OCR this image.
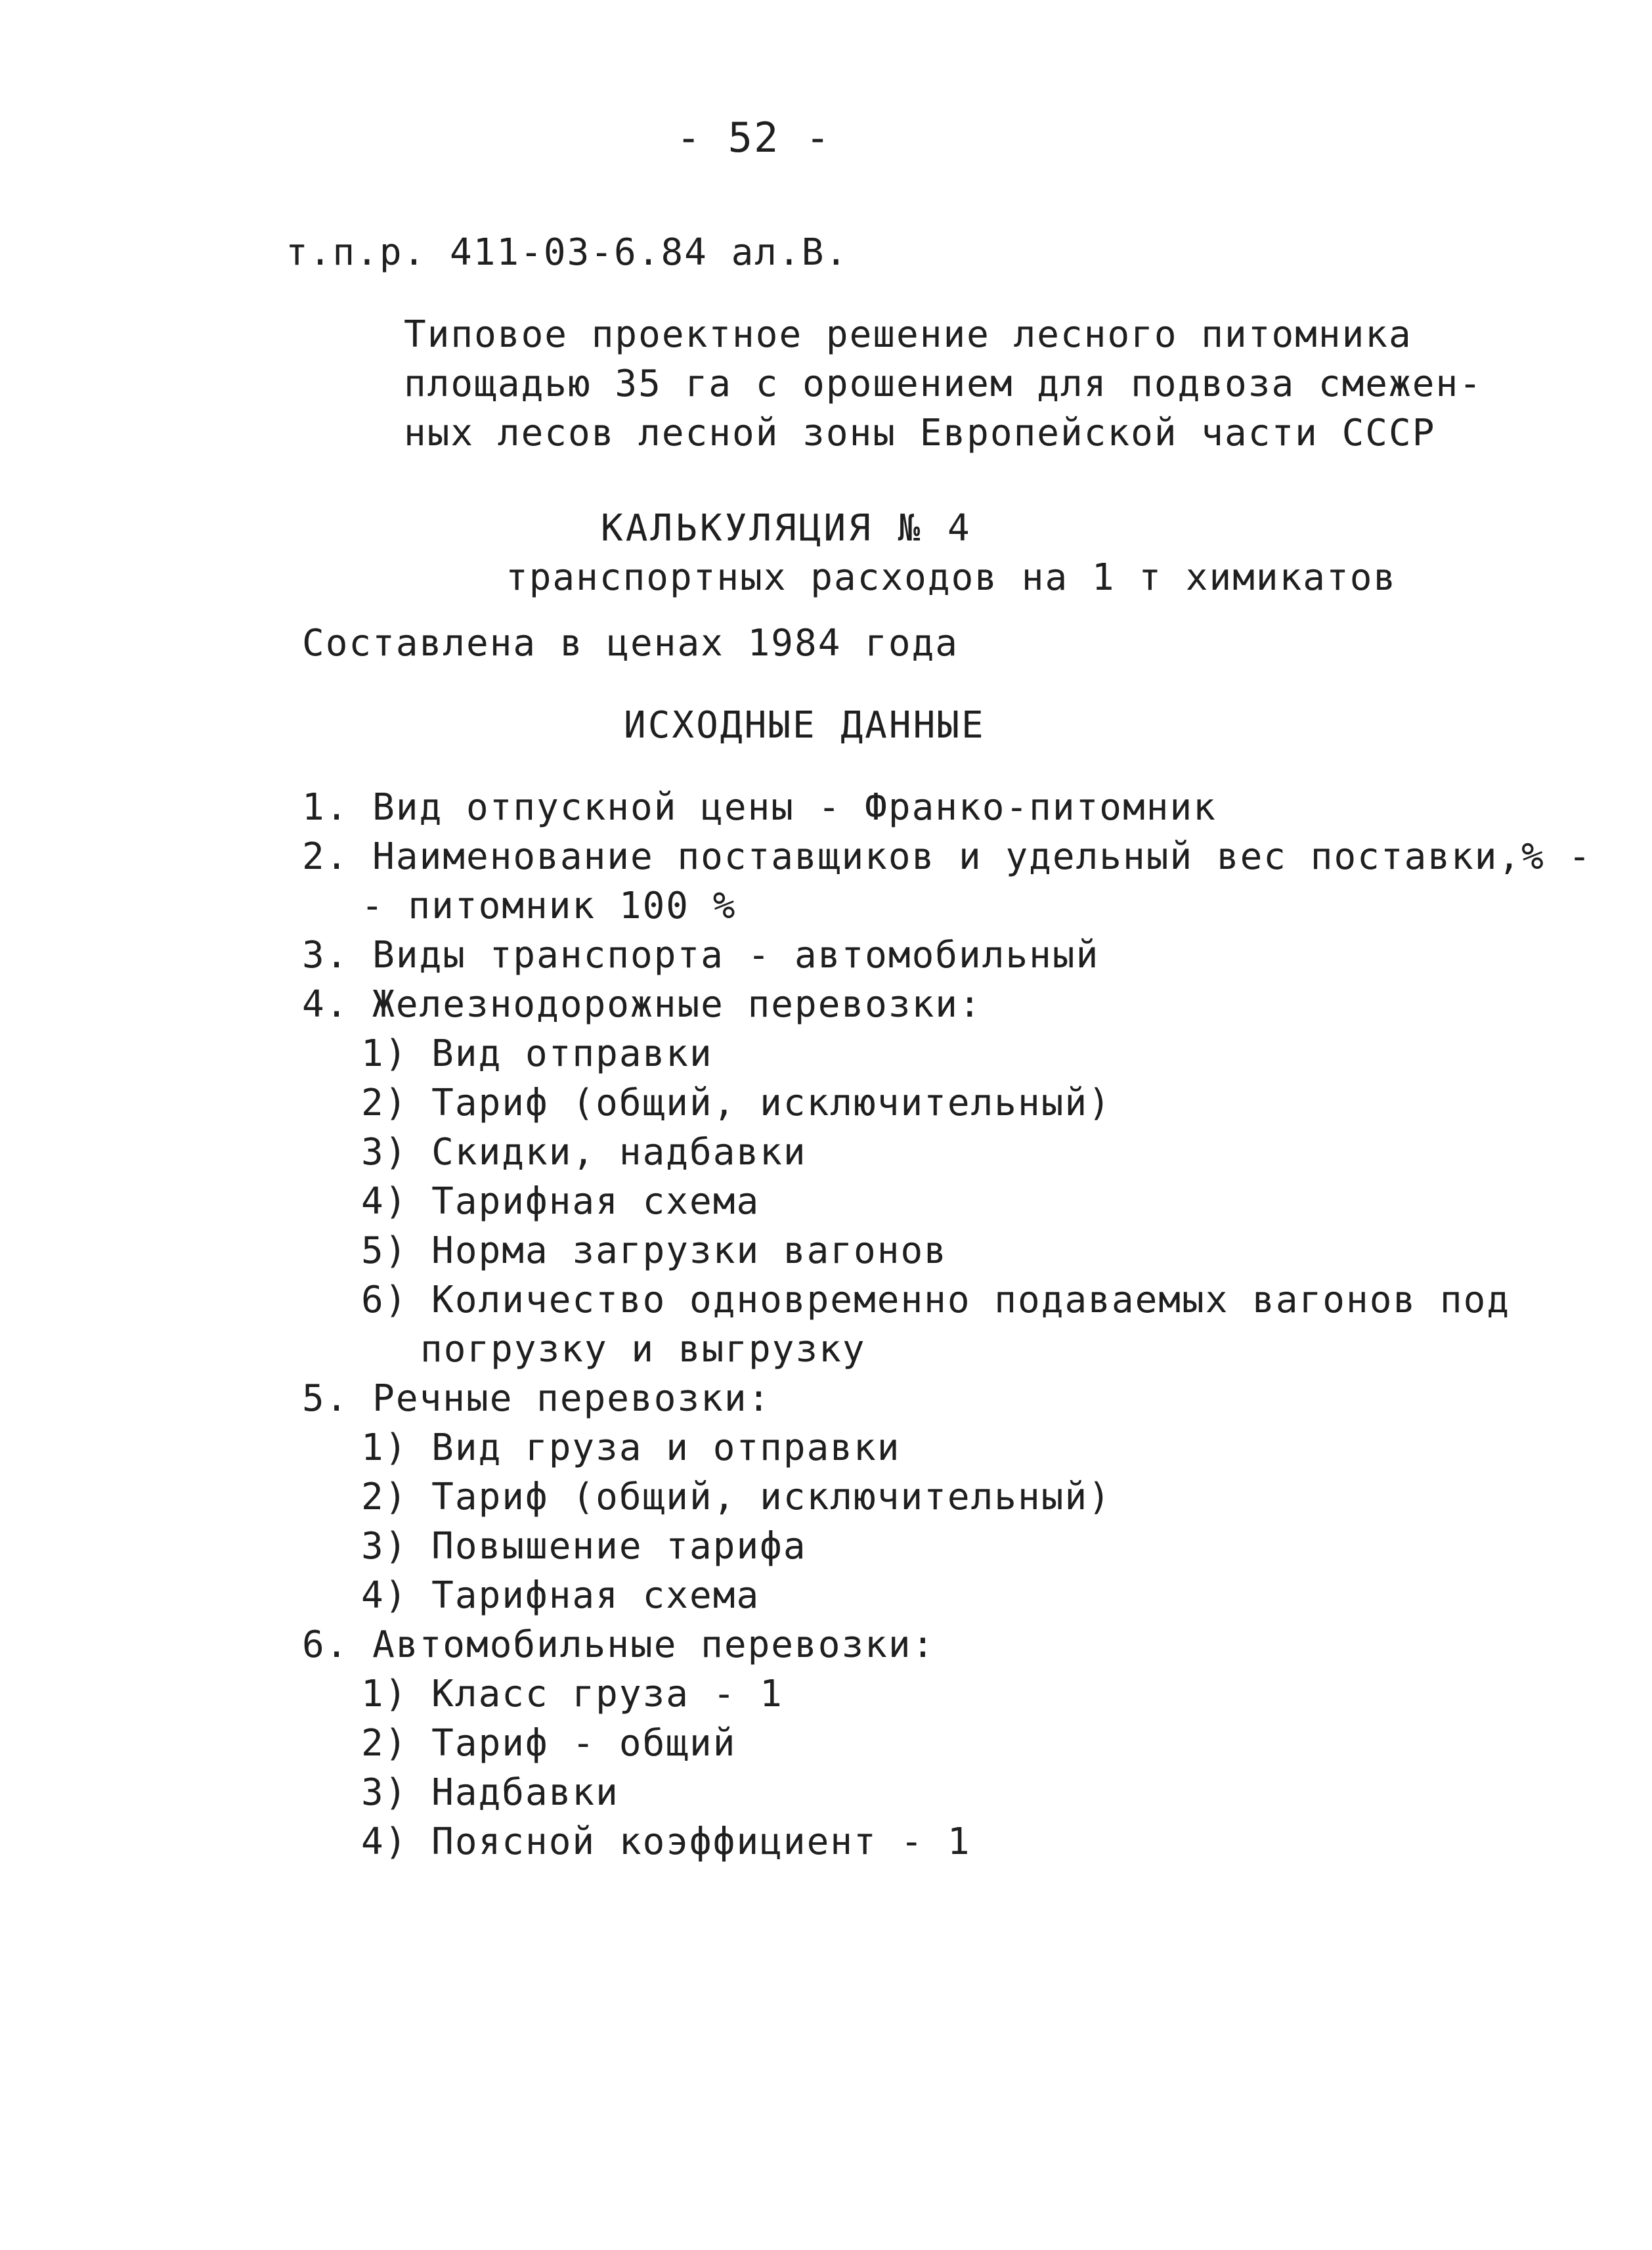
- 52 -
т.п.р. 411-03-6.84 ал.В.
Типовое проектное решение лесного питомника
площадью 35 га с орошением для подвоза смежен-
ных лесов лесной зоны Европейской части СССР
КАЛЬКУЛЯЦИЯ № 4
транспортных расходов на 1 т химикатов
Составлена в ценах 1984 года
ИСХОДНЫЕ ДАННЫЕ
1. Вид отпускной цены - Франко-питомник
2. Наименование поставщиков и удельный вес поставки,% -
- питомник 100 %
3. Виды транспорта - автомобильный
4. Железнодорожные перевозки:
1) Вид отправки
2) Тариф (общий, исключительный)
3) Скидки, надбавки
4) Тарифная схема
5) Норма загрузки вагонов
6) Количество одновременно подаваемых вагонов под
погрузку и выгрузку
5. Речные перевозки:
1) Вид груза и отправки
2) Тариф (общий, исключительный)
3) Повышение тарифа
4) Тарифная схема
6. Автомобильные перевозки:
1) Класс груза - 1
2) Тариф - общий
3) Надбавки
4) Поясной коэффициент - 1
